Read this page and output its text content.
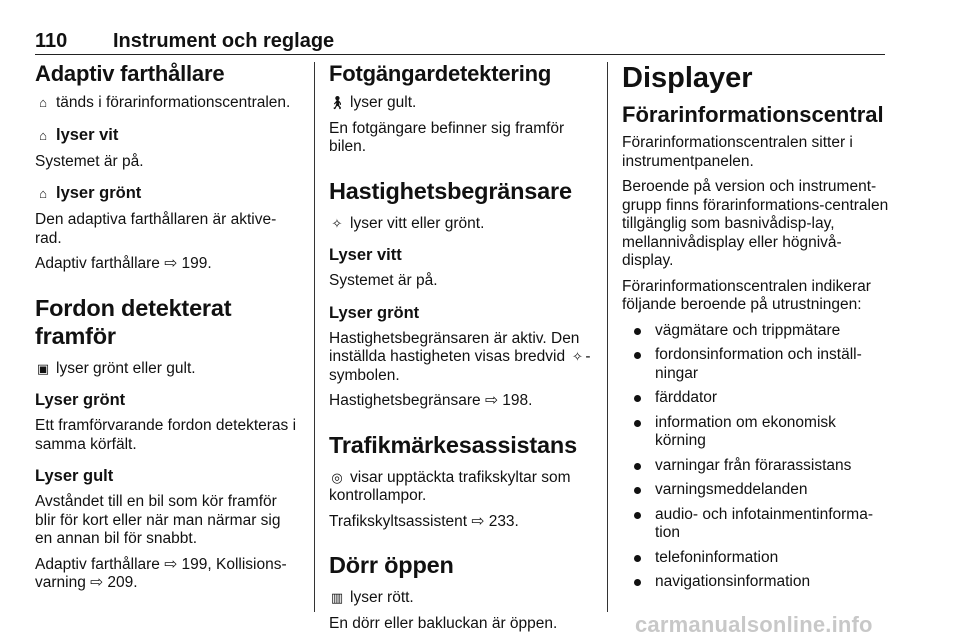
110 Instrument och reglage
Adaptiv farthållare
⌂ tänds i förarinformationscentralen.
⌂ lyser vit
Systemet är på.
⌂ lyser grönt
Den adaptiva farthållaren är aktive-rad.
Adaptiv farthållare ⇨ 199.
Fordon detekterat framför
▣ lyser grönt eller gult.
Lyser grönt
Ett framförvarande fordon detekteras i samma körfält.
Lyser gult
Avståndet till en bil som kör framför blir för kort eller när man närmar sig en annan bil för snabbt.
Adaptiv farthållare ⇨ 199, Kollisions-varning ⇨ 209.
Fotgängardetektering
🚶︎ lyser gult.
En fotgängare befinner sig framför bilen.
Hastighetsbegränsare
✧ lyser vitt eller grönt.
Lyser vitt
Systemet är på.
Lyser grönt
Hastighetsbegränsaren är aktiv. Den inställda hastigheten visas bredvid ✧ -symbolen.
Hastighetsbegränsare ⇨ 198.
Trafikmärkesassistans
◎ visar upptäckta trafikskyltar som kontrollampor.
Trafikskyltsassistent ⇨ 233.
Dörr öppen
▥ lyser rött.
En dörr eller bakluckan är öppen.
Displayer
Förarinformationscentral
Förarinformationscentralen sitter i instrumentpanelen.
Beroende på version och instrument-grupp finns förarinformations-centralen tillgänglig som basnivådisp-lay, mellannivådisplay eller högnivå-display.
Förarinformationscentralen indikerar följande beroende på utrustningen:
vägmätare och trippmätare
fordonsinformation och inställ-ningar
färddator
information om ekonomisk körning
varningar från förarassistans
varningsmeddelanden
audio- och infotainmentinforma-tion
telefoninformation
navigationsinformation
carmanualsonline.info
